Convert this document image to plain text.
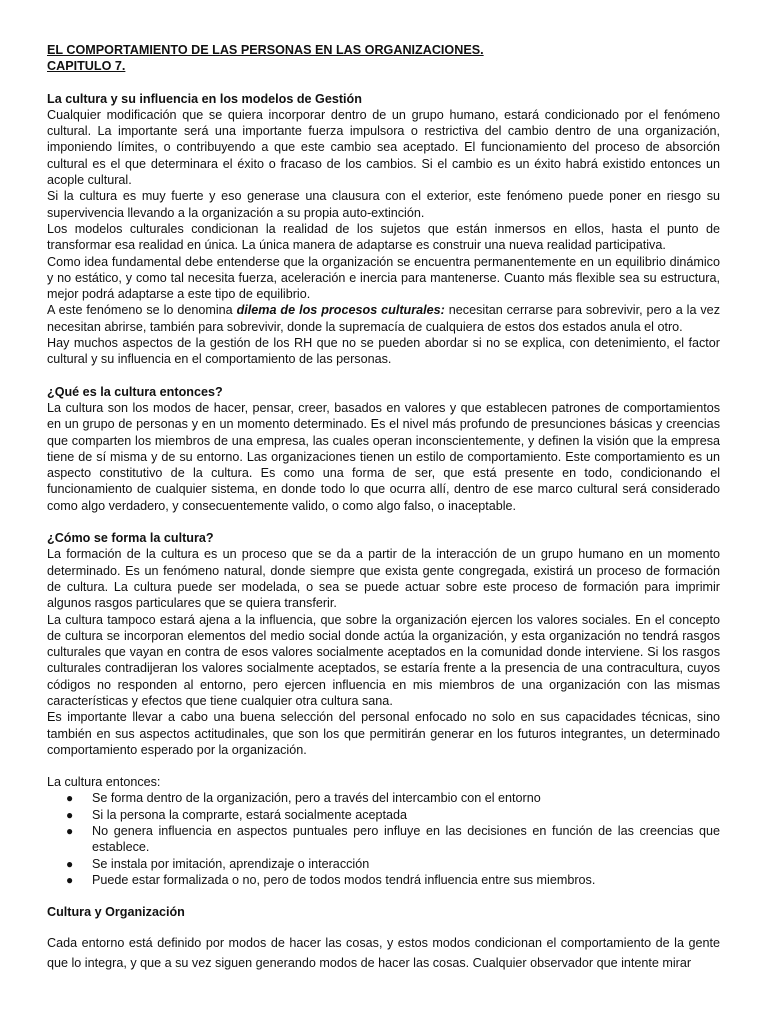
EL COMPORTAMIENTO DE LAS PERSONAS EN LAS ORGANIZACIONES.

CAPITULO 7.

La cultura y su influencia en los modelos de Gestión

Cualquier modificación que se quiera incorporar dentro de un grupo humano, estará condicionado por el fenómeno cultural. La importante será una importante fuerza impulsora o restrictiva del cambio dentro de una organización, imponiendo límites, o contribuyendo a que este cambio sea aceptado. El funcionamiento del proceso de absorción cultural es el que determinara el éxito o fracaso de los cambios. Si el cambio es un éxito habrá existido entonces un acople cultural.

Si la cultura es muy fuerte y eso generase una clausura con el exterior, este fenómeno puede poner en riesgo su supervivencia llevando a la organización a su propia auto-extinción.

Los modelos culturales condicionan la realidad de los sujetos que están inmersos en ellos, hasta el punto de transformar esa realidad en única. La única manera de adaptarse es construir una nueva realidad participativa.

Como idea fundamental debe entenderse que la organización se encuentra permanentemente en un equilibrio dinámico y no estático, y como tal necesita fuerza, aceleración e inercia para mantenerse. Cuanto más flexible sea su estructura, mejor podrá adaptarse a este tipo de equilibrio.

A este fenómeno se lo denomina dilema de los procesos culturales: necesitan cerrarse para sobrevivir, pero a la vez necesitan abrirse, también para sobrevivir, donde la supremacía de cualquiera de estos dos estados anula el otro.

Hay muchos aspectos de la gestión de los RH que no se pueden abordar si no se explica, con detenimiento, el factor cultural y su influencia en el comportamiento de las personas.

¿Qué es la cultura entonces?

La cultura son los modos de hacer, pensar, creer, basados en valores y que establecen patrones de comportamientos en un grupo de personas y en un momento determinado. Es el nivel más profundo de presunciones básicas y creencias que comparten los miembros de una empresa, las cuales operan inconscientemente, y definen la visión que la empresa tiene de sí misma y de su entorno. Las organizaciones tienen un estilo de comportamiento. Este comportamiento es un aspecto constitutivo de la cultura. Es como una forma de ser, que está presente en todo, condicionando el funcionamiento de cualquier sistema, en donde todo lo que ocurra allí, dentro de ese marco cultural será considerado como algo verdadero, y consecuentemente valido, o como algo falso, o inaceptable.

¿Cómo se forma la cultura?

La formación de la cultura es un proceso que se da a partir de la interacción de un grupo humano en un momento determinado. Es un fenómeno natural, donde siempre que exista gente congregada, existirá un proceso de formación de cultura. La cultura puede ser modelada, o sea se puede actuar sobre este proceso de formación para imprimir algunos rasgos particulares que se quiera transferir.

La cultura tampoco estará ajena a la influencia, que sobre la organización ejercen los valores sociales. En el concepto de cultura se incorporan elementos del medio social donde actúa la organización, y esta organización no tendrá rasgos culturales que vayan en contra de esos valores socialmente aceptados en la comunidad donde interviene. Si los rasgos culturales contradijeran los valores socialmente aceptados, se estaría frente a la presencia de una contracultura, cuyos códigos no responden al entorno, pero ejercen influencia en mis miembros de una organización con las mismas características y efectos que tiene cualquier otra cultura sana.

Es importante llevar a cabo una buena selección del personal enfocado no solo en sus capacidades técnicas, sino también en sus aspectos actitudinales, que son los que permitirán generar en los futuros integrantes, un determinado comportamiento esperado por la organización.

La cultura entonces:

● Se forma dentro de la organización, pero a través del intercambio con el entorno
● Si la persona la comprarte, estará socialmente aceptada
● No genera influencia en aspectos puntuales pero influye en las decisiones en función de las creencias que establece.
● Se instala por imitación, aprendizaje o interacción
● Puede estar formalizada o no, pero de todos modos tendrá influencia entre sus miembros.

Cultura y Organización

Cada entorno está definido por modos de hacer las cosas, y estos modos condicionan el comportamiento de la gente que lo integra, y que a su vez siguen generando modos de hacer las cosas. Cualquier observador que intente mirar
